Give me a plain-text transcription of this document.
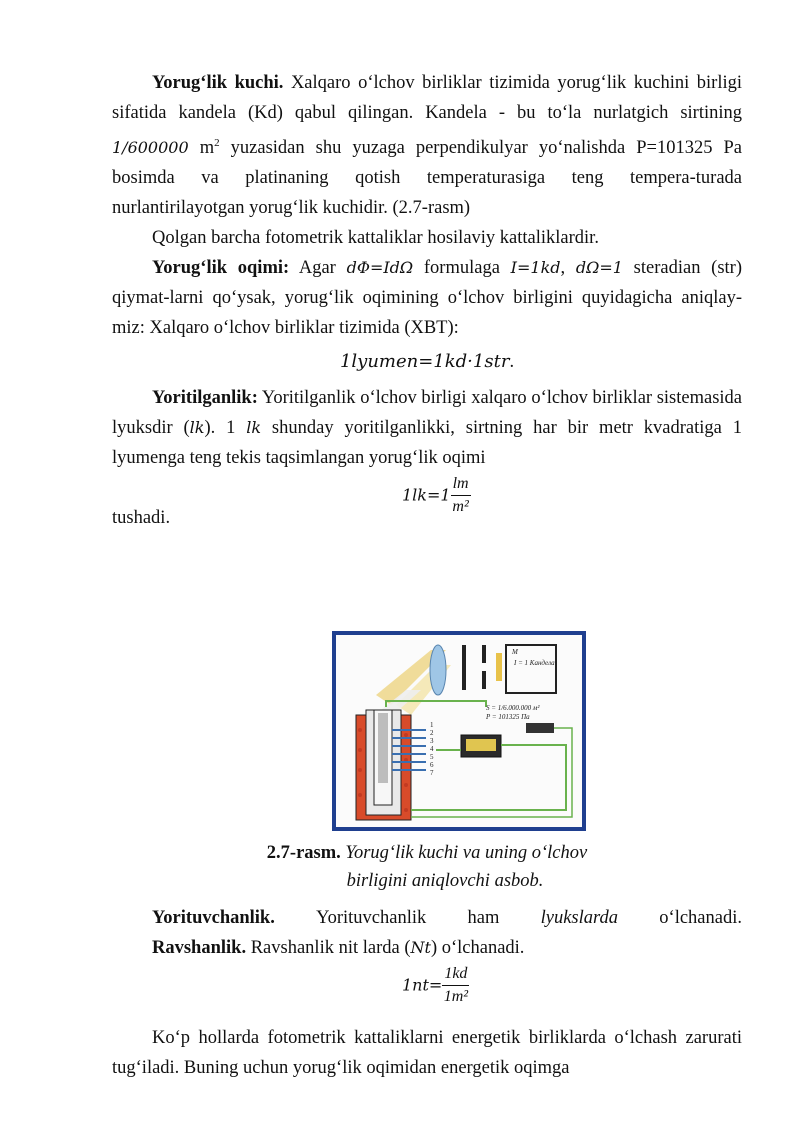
Yorug‘lik kuchi. Xalqaro o‘lchov birliklar tizimida yorug‘lik kuchini birligi sifatida kandela (Kd) qabul qilingan. Kandela - bu to‘la nurlatgich sirtining 1/600000 $m^2$ yuzasidan shu yuzaga perpendikulyar yo‘nalishda P=101325 Pa bosimda va platinaning qotish temperaturasiga teng tempera-turada nurlantirilayotgan yorug‘lik kuchidir. (2.7-rasm)

Qolgan barcha fotometrik kattaliklar hosilaviy kattaliklardir.

Yorug‘lik oqimi: Agar dΦ=IdΩ formulaga I=1kd, dΩ=1 steradian (str) qiymat-larni qo‘ysak, yorug‘lik oqimining o‘lchov birligini quyidagicha aniqlay-miz: Xalqaro o‘lchov birliklar tizimida (XBT):

1lyumen=1kd·1str.

Yoritilganlik: Yoritilganlik o‘lchov birligi xalqaro o‘lchov birliklar sistemasida lyuksdir (lk). 1 lk shunday yoritilganlikki, sirtning har bir metr kvadratiga 1 lyumenga teng tekis taqsimlangan yorug‘lik oqimi

$1lk=1 \frac{lm}{\text{m²}}$
tushadi.
M
I = 1 Кандела
S = 1/6.000.000 м²
P = 101325 Па
1
2
3
4
5
6
7
2.7-rasm. Yorug‘lik kuchi va uning o‘lchov
birligini aniqlovchi asbob.
Yorituvchanlik. Yorituvchanlik ham lyukslarda o‘lchanadi.

Ravshanlik. Ravshanlik nit larda (Nt) o‘lchanadi.

$1nt= \frac{1kd}{\text{1m²}}$

Ko‘p hollarda fotometrik kattaliklarni energetik birliklarda o‘lchash zarurati tug‘iladi. Buning uchun yorug‘lik oqimidan energetik oqimga
